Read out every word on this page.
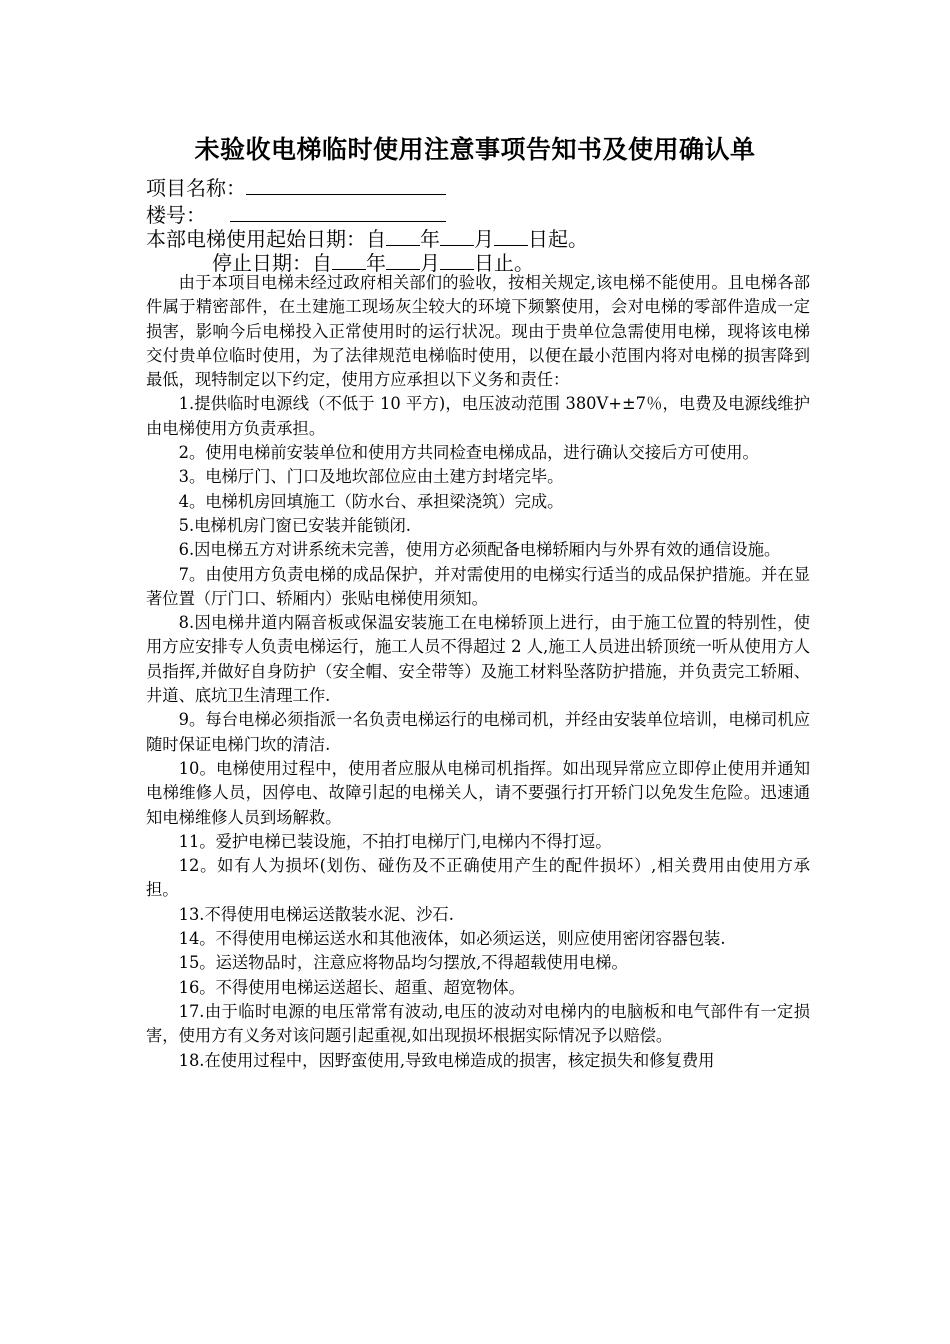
未验收电梯临时使用注意事项告知书及使用确认单
项目名称：
楼号：
本部电梯使用起始日期：自 年 月 日起。
停止日期：自 年 月 日止。

由于本项目电梯未经过政府相关部们的验收，按相关规定,该电梯不能使用。且电梯各部件属于精密部件，在土建施工现场灰尘较大的环境下频繁使用，会对电梯的零部件造成一定损害，影响今后电梯投入正常使用时的运行状况。现由于贵单位急需使用电梯，现将该电梯交付贵单位临时使用，为了法律规范电梯临时使用，以便在最小范围内将对电梯的损害降到最低，现特制定以下约定，使用方应承担以下义务和责任：

1.提供临时电源线（不低于 10 平方)，电压波动范围 380V+±7％，电费及电源线维护由电梯使用方负责承担。

2。使用电梯前安装单位和使用方共同检查电梯成品，进行确认交接后方可使用。

3。电梯厅门、门口及地坎部位应由土建方封堵完毕。

4。电梯机房回填施工（防水台、承担梁浇筑）完成。

5.电梯机房门窗已安装并能锁闭.

6.因电梯五方对讲系统未完善，使用方必须配备电梯轿厢内与外界有效的通信设施。

7。由使用方负责电梯的成品保护，并对需使用的电梯实行适当的成品保护措施。并在显著位置（厅门口、轿厢内）张贴电梯使用须知。

8.因电梯井道内隔音板或保温安装施工在电梯轿顶上进行，由于施工位置的特别性，使用方应安排专人负责电梯运行，施工人员不得超过 2 人,施工人员进出轿顶统一听从使用方人员指挥,并做好自身防护（安全帽、安全带等）及施工材料坠落防护措施，并负责完工轿厢、井道、底坑卫生清理工作.

9。每台电梯必须指派一名负责电梯运行的电梯司机，并经由安装单位培训，电梯司机应随时保证电梯门坎的清洁.

10。电梯使用过程中，使用者应服从电梯司机指挥。如出现异常应立即停止使用并通知电梯维修人员，因停电、故障引起的电梯关人，请不要强行打开轿门以免发生危险。迅速通知电梯维修人员到场解救。

11。爱护电梯已装设施，不拍打电梯厅门,电梯内不得打逗。

12。如有人为损坏(划伤、碰伤及不正确使用产生的配件损坏）,相关费用由使用方承担。

13.不得使用电梯运送散装水泥、沙石.

14。不得使用电梯运送水和其他液体，如必须运送，则应使用密闭容器包装.

15。运送物品时，注意应将物品均匀摆放,不得超载使用电梯。

16。不得使用电梯运送超长、超重、超宽物体。

17.由于临时电源的电压常常有波动,电压的波动对电梯内的电脑板和电气部件有一定损害，使用方有义务对该问题引起重视,如出现损坏根据实际情况予以赔偿。

18.在使用过程中，因野蛮使用,导致电梯造成的损害，核定损失和修复费用
